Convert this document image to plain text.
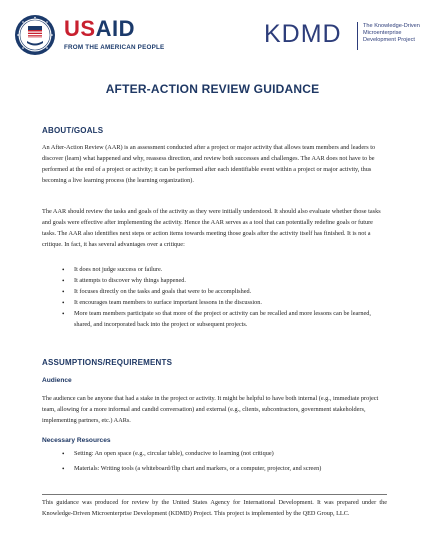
USAID
FROM THE AMERICAN PEOPLE	KDMD	The Knowledge-Driven Microenterprise Development Project
AFTER-ACTION REVIEW GUIDANCE
ABOUT/GOALS

An After-Action Review (AAR) is an assessment conducted after a project or major activity that allows team members and leaders to discover (learn) what happened and why, reassess direction, and review both successes and challenges. The AAR does not have to be performed at the end of a project or activity; it can be performed after each identifiable event within a project or major activity, thus becoming a live learning process (the learning organization).

The AAR should review the tasks and goals of the activity as they were initially understood. It should also evaluate whether those tasks and goals were effective after implementing the activity. Hence the AAR serves as a tool that can potentially redefine goals or future tasks. The AAR also identifies next steps or action items towards meeting those goals after the activity itself has finished. It is not a critique. In fact, it has several advantages over a critique:

• It does not judge success or failure.
• It attempts to discover why things happened.
• It focuses directly on the tasks and goals that were to be accomplished.
• It encourages team members to surface important lessons in the discussion.
• More team members participate so that more of the project or activity can be recalled and more lessons can be learned, shared, and incorporated back into the project or subsequent projects.
ASSUMPTIONS/REQUIREMENTS
Audience

The audience can be anyone that had a stake in the project or activity. It might be helpful to have both internal (e.g., immediate project team, allowing for a more informal and candid conversation) and external (e.g., clients, subcontractors, government stakeholders, implementing partners, etc.) AARs.

Necessary Resources
• Setting: An open space (e.g., circular table), conducive to learning (not critique)
• Materials: Writing tools (a whiteboard/flip chart and markers, or a computer, projector, and screen)

This guidance was produced for review by the United States Agency for International Development. It was prepared under the Knowledge-Driven Microenterprise Development (KDMD) Project. This project is implemented by the QED Group, LLC.
